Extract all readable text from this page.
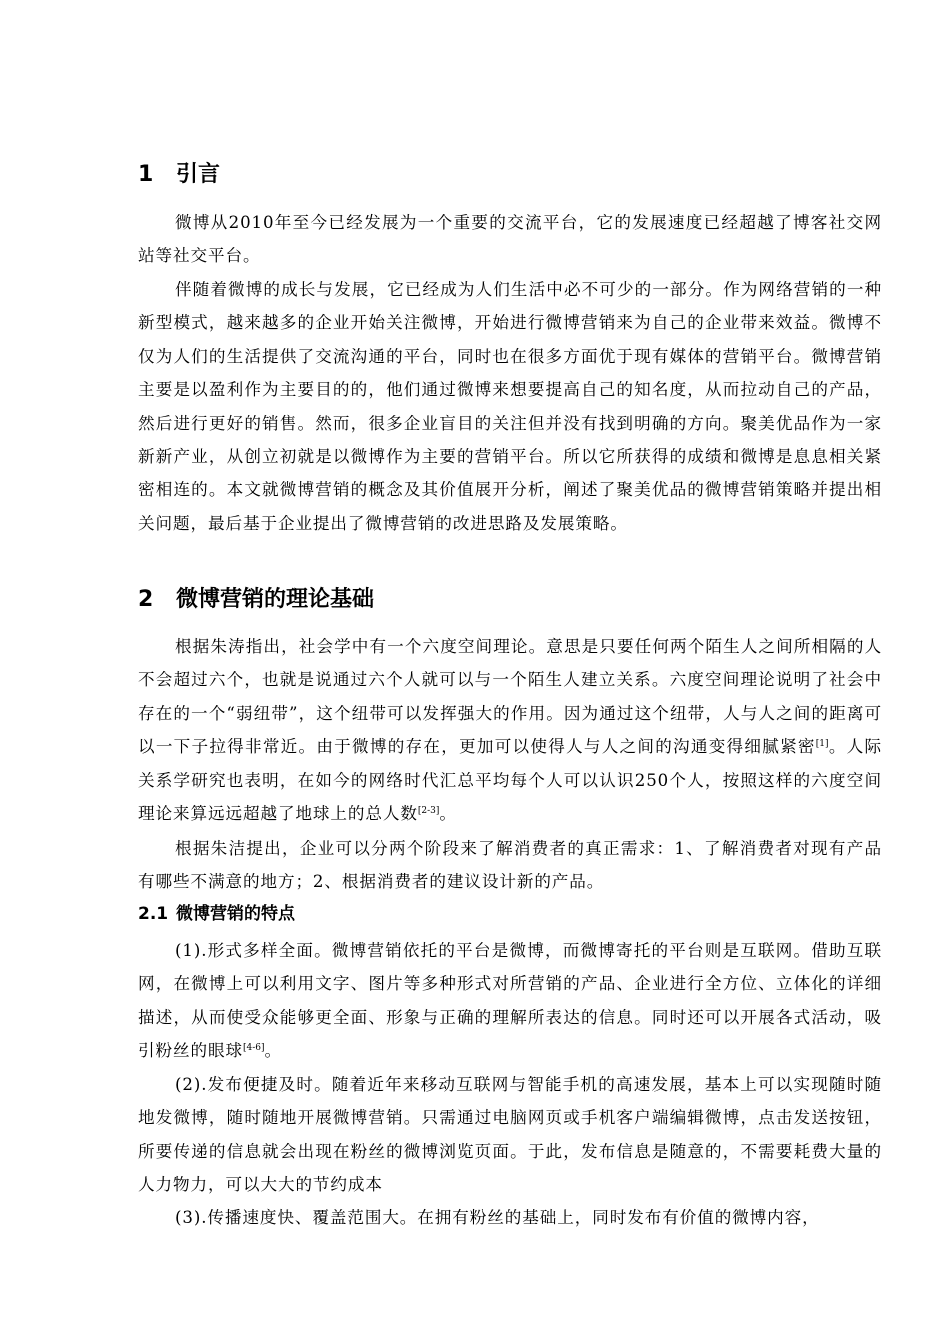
1 引言

微博从2010年至今已经发展为一个重要的交流平台，它的发展速度已经超越了博客社交网站等社交平台。

伴随着微博的成长与发展，它已经成为人们生活中必不可少的一部分。作为网络营销的一种新型模式，越来越多的企业开始关注微博，开始进行微博营销来为自己的企业带来效益。微博不仅为人们的生活提供了交流沟通的平台，同时也在很多方面优于现有媒体的营销平台。微博营销主要是以盈利作为主要目的的，他们通过微博来想要提高自己的知名度，从而拉动自己的产品，然后进行更好的销售。然而，很多企业盲目的关注但并没有找到明确的方向。聚美优品作为一家新新产业，从创立初就是以微博作为主要的营销平台。所以它所获得的成绩和微博是息息相关紧密相连的。本文就微博营销的概念及其价值展开分析，阐述了聚美优品的微博营销策略并提出相关问题，最后基于企业提出了微博营销的改进思路及发展策略。

2 微博营销的理论基础

根据朱涛指出，社会学中有一个六度空间理论。意思是只要任何两个陌生人之间所相隔的人不会超过六个，也就是说通过六个人就可以与一个陌生人建立关系。六度空间理论说明了社会中存在的一个“弱纽带”，这个纽带可以发挥强大的作用。因为通过这个纽带，人与人之间的距离可以一下子拉得非常近。由于微博的存在，更加可以使得人与人之间的沟通变得细腻紧密[1]。人际关系学研究也表明，在如今的网络时代汇总平均每个人可以认识250个人，按照这样的六度空间理论来算远远超越了地球上的总人数[2-3]。

根据朱洁提出，企业可以分两个阶段来了解消费者的真正需求：1、了解消费者对现有产品有哪些不满意的地方；2、根据消费者的建议设计新的产品。

2.1 微博营销的特点

(1).形式多样全面。微博营销依托的平台是微博，而微博寄托的平台则是互联网。借助互联网，在微博上可以利用文字、图片等多种形式对所营销的产品、企业进行全方位、立体化的详细描述，从而使受众能够更全面、形象与正确的理解所表达的信息。同时还可以开展各式活动，吸引粉丝的眼球[4-6]。

(2).发布便捷及时。随着近年来移动互联网与智能手机的高速发展，基本上可以实现随时随地发微博，随时随地开展微博营销。只需通过电脑网页或手机客户端编辑微博，点击发送按钮，所要传递的信息就会出现在粉丝的微博浏览页面。于此，发布信息是随意的，不需要耗费大量的人力物力，可以大大的节约成本

(3).传播速度快、覆盖范围大。在拥有粉丝的基础上，同时发布有价值的微博内容，
